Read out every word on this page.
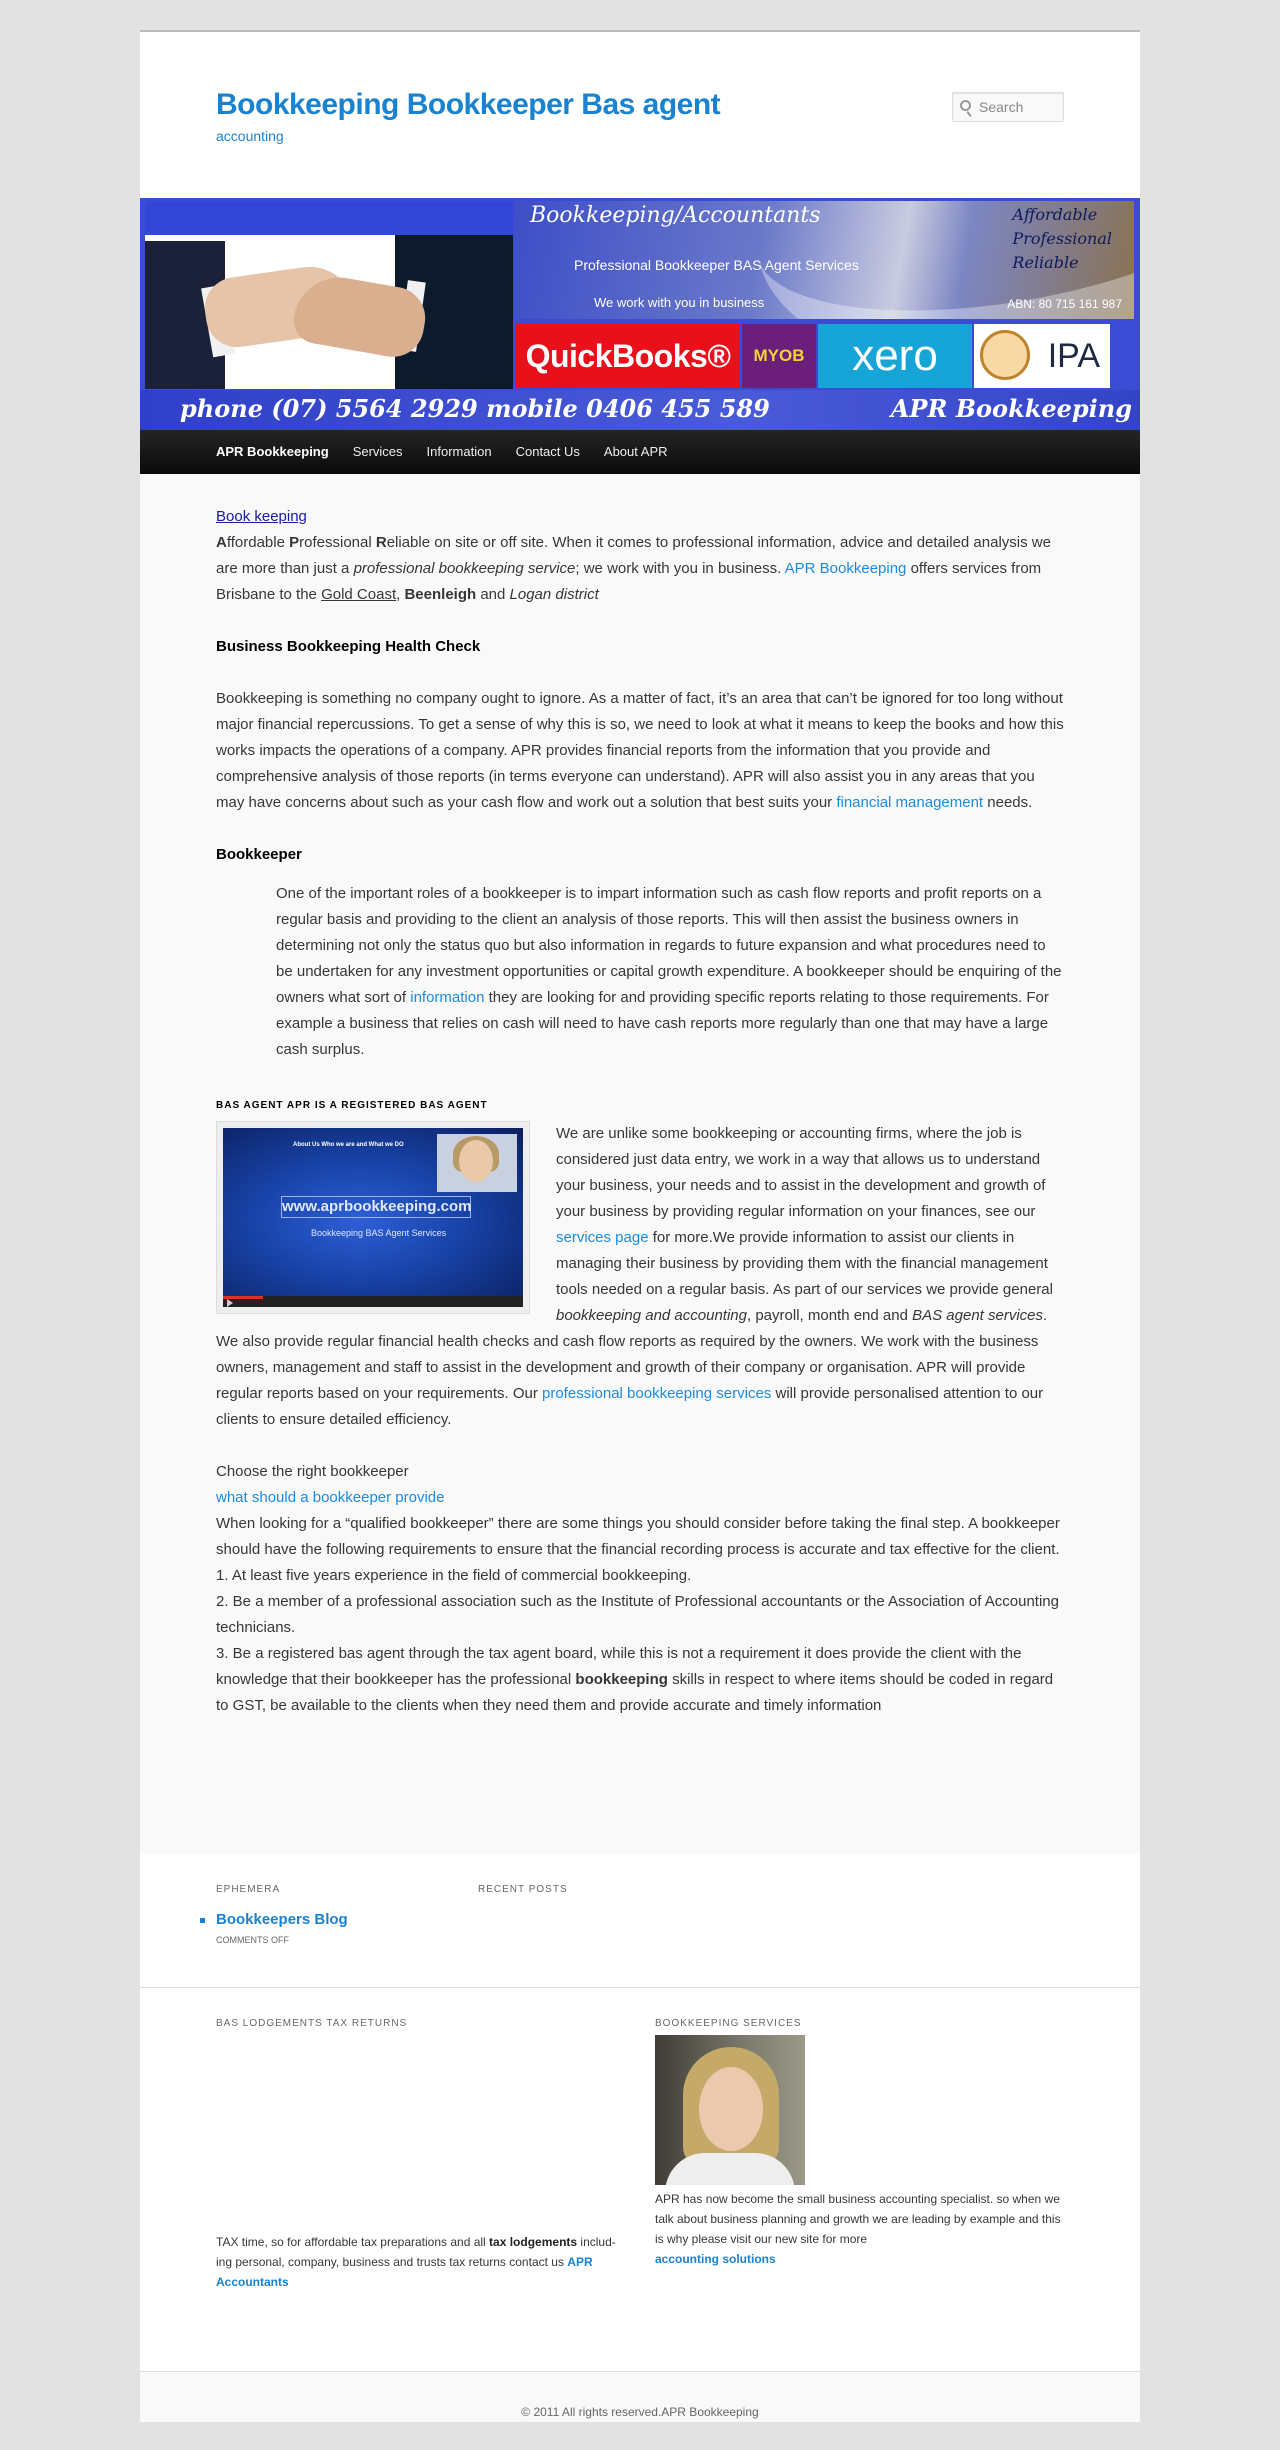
Bookkeeping Bookkeeper Bas agent
accounting
Search
Bookkeeping/Accountants
Professional Bookkeeper BAS Agent Services
We work with you in business	ABN: 80 715 161 987
Affordable
Professional
Reliable
QuickBooks®	MYOB	xero	IPA
phone (07) 5564 2929 mobile 0406 455 589	APR Bookkeeping
APR Bookkeeping	Services	Information	Contact Us	About APR

Book keeping
Affordable Professional Reliable on site or off site. When it comes to professional information, advice and detailed analysis we are more than just a professional bookkeeping service; we work with you in business. APR Bookkeeping offers services from Brisbane to the Gold Coast, Beenleigh and Logan district

Business Bookkeeping Health Check

Bookkeeping is something no company ought to ignore. As a matter of fact, it’s an area that can’t be ignored for too long without major financial repercussions. To get a sense of why this is so, we need to look at what it means to keep the books and how this works impacts the operations of a company. APR provides financial reports from the information that you provide and comprehensive analysis of those reports (in terms everyone can understand). APR will also assist you in any areas that you may have concerns about such as your cash flow and work out a solution that best suits your financial management needs.

Bookkeeper
One of the important roles of a bookkeeper is to impart information such as cash flow reports and profit reports on a regular basis and providing to the client an analysis of those reports. This will then assist the business owners in determining not only the status quo but also information in regards to future expansion and what procedures need to be undertaken for any investment opportunities or capital growth expenditure. A bookkeeper should be enquiring of the owners what sort of information they are looking for and providing specific reports relating to those requirements. For example a business that relies on cash will need to have cash reports more regularly than one that may have a large cash surplus.
BAS AGENT APR IS A REGISTERED BAS AGENT
About Us Who we are and What we DO
www.aprbookkeeping.com
Bookkeeping BAS Agent Services

We are unlike some bookkeeping or accounting firms, where the job is considered just data entry, we work in a way that allows us to understand your business, your needs and to assist in the development and growth of your business by providing regular information on your finances, see our services page for more.We provide information to assist our clients in managing their business by providing them with the financial management tools needed on a regular basis. As part of our services we provide general bookkeeping and accounting, payroll, month end and BAS agent services. We also provide regular financial health checks and cash flow reports as required by the owners. We work with the business owners, management and staff to assist in the development and growth of their company or organisation. APR will provide regular reports based on your requirements. Our professional bookkeeping services will provide personalised attention to our clients to ensure detailed efficiency.

Choose the right bookkeeper
what should a bookkeeper provide
When looking for a “qualified bookkeeper” there are some things you should consider before taking the final step. A bookkeeper should have the following requirements to ensure that the financial recording process is accurate and tax effective for the client.
1. At least five years experience in the field of commercial bookkeeping.
2. Be a member of a professional association such as the Institute of Professional accountants or the Association of Accounting technicians.
3. Be a registered bas agent through the tax agent board, while this is not a requirement it does provide the client with the knowledge that their bookkeeper has the professional bookkeeping skills in respect to where items should be coded in regard to GST, be available to the clients when they need them and provide accurate and timely information

EPHEMERA
Bookkeepers Blog
COMMENTS OFF
RECENT POSTS
BAS LODGEMENTS TAX RETURNS
TAX time, so for affordable tax preparations and all tax lodgements includ-ing personal, company, business and trusts tax returns contact us APR Accountants
BOOKKEEPING SERVICES
APR has now become the small business accounting specialist. so when we talk about business planning and growth we are leading by example and this is why please visit our new site for more
accounting solutions

© 2011 All rights reserved.APR Bookkeeping
